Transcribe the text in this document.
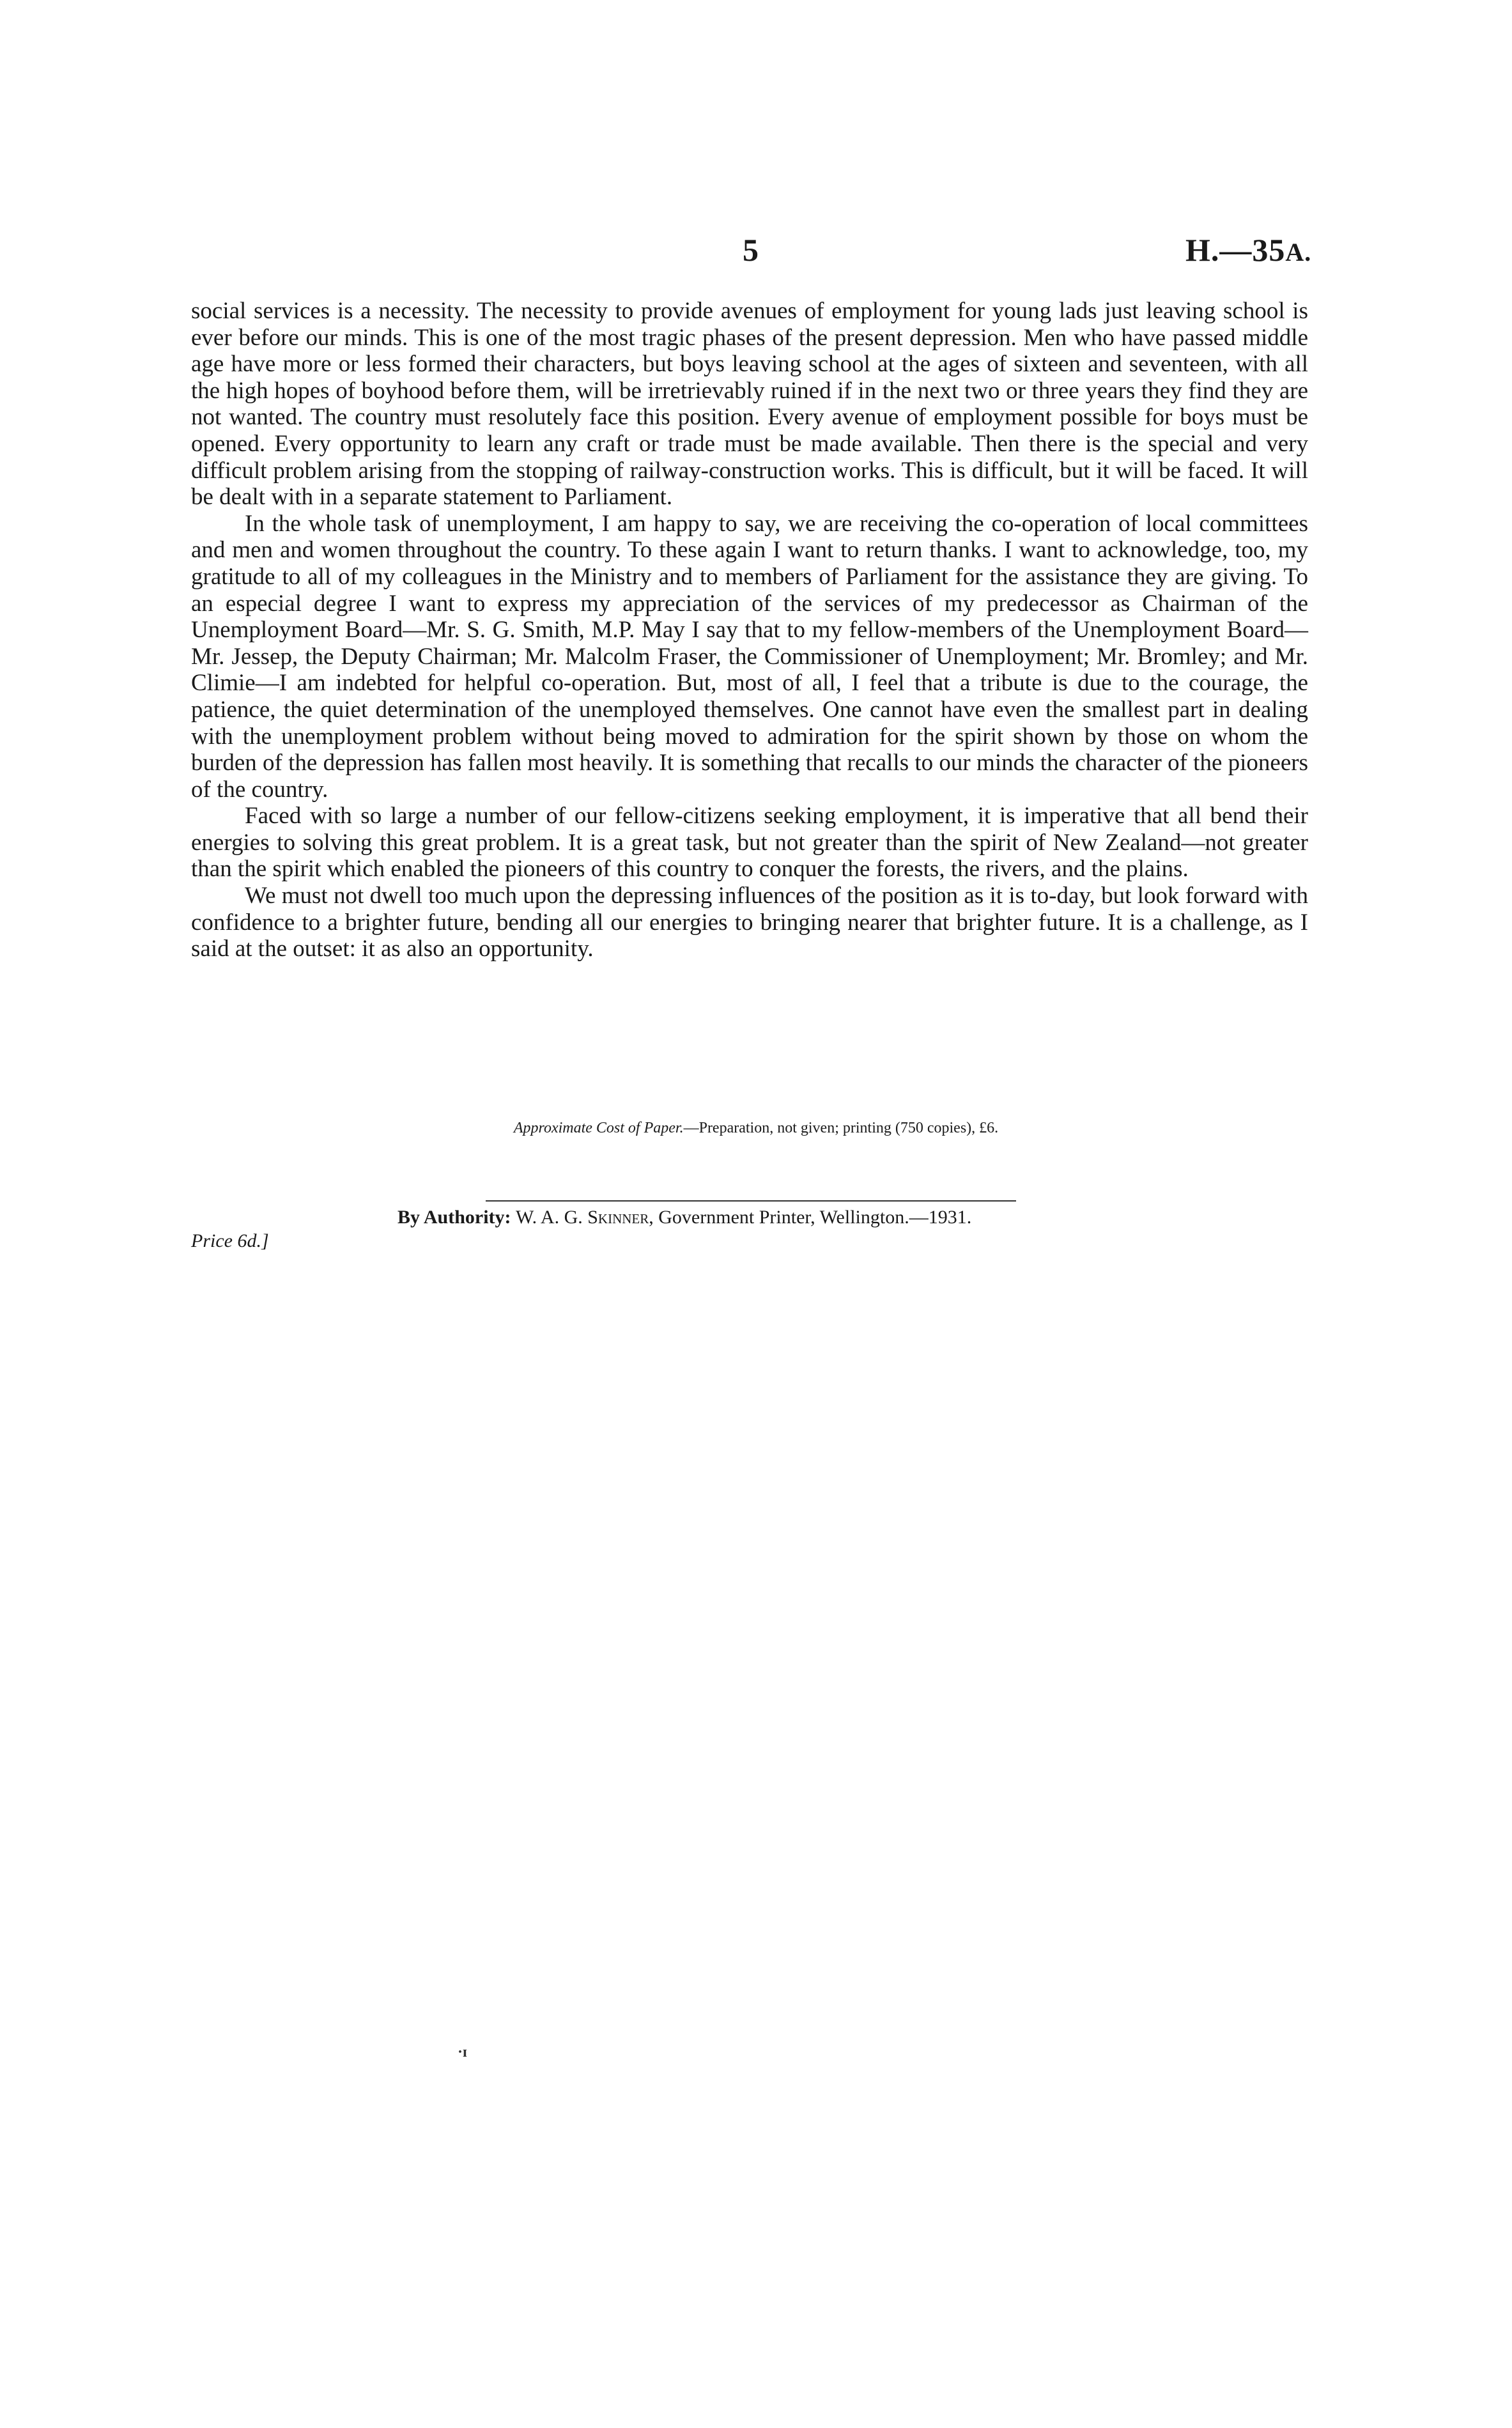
5	H.—35A.

social services is a necessity. The necessity to provide avenues of employment for young lads just leaving school is ever before our minds. This is one of the most tragic phases of the present depression. Men who have passed middle age have more or less formed their characters, but boys leaving school at the ages of sixteen and seventeen, with all the high hopes of boyhood before them, will be irretrievably ruined if in the next two or three years they find they are not wanted. The country must resolutely face this position. Every avenue of employment possible for boys must be opened. Every opportunity to learn any craft or trade must be made available. Then there is the special and very difficult problem arising from the stopping of railway-construction works. This is difficult, but it will be faced. It will be dealt with in a separate statement to Parliament.

In the whole task of unemployment, I am happy to say, we are receiving the co-operation of local committees and men and women throughout the country. To these again I want to return thanks. I want to acknowledge, too, my gratitude to all of my colleagues in the Ministry and to members of Parliament for the assistance they are giving. To an especial degree I want to express my appreciation of the services of my predecessor as Chairman of the Unemployment Board—Mr. S. G. Smith, M.P. May I say that to my fellow-members of the Unemployment Board—Mr. Jessep, the Deputy Chairman; Mr. Malcolm Fraser, the Commissioner of Unemployment; Mr. Bromley; and Mr. Climie—I am indebted for helpful co-operation. But, most of all, I feel that a tribute is due to the courage, the patience, the quiet determination of the unemployed themselves. One cannot have even the smallest part in dealing with the unemployment problem without being moved to admiration for the spirit shown by those on whom the burden of the depression has fallen most heavily. It is something that recalls to our minds the character of the pioneers of the country.

Faced with so large a number of our fellow-citizens seeking employment, it is imperative that all bend their energies to solving this great problem. It is a great task, but not greater than the spirit of New Zealand—not greater than the spirit which enabled the pioneers of this country to conquer the forests, the rivers, and the plains.

We must not dwell too much upon the depressing influences of the position as it is to-day, but look forward with confidence to a brighter future, bending all our energies to bringing nearer that brighter future. It is a challenge, as I said at the outset: it as also an opportunity.

Approximate Cost of Paper.—Preparation, not given; printing (750 copies), £6.
By Authority: W. A. G. Skinner, Government Printer, Wellington.—1931.
Price 6d.]
·ɪ
